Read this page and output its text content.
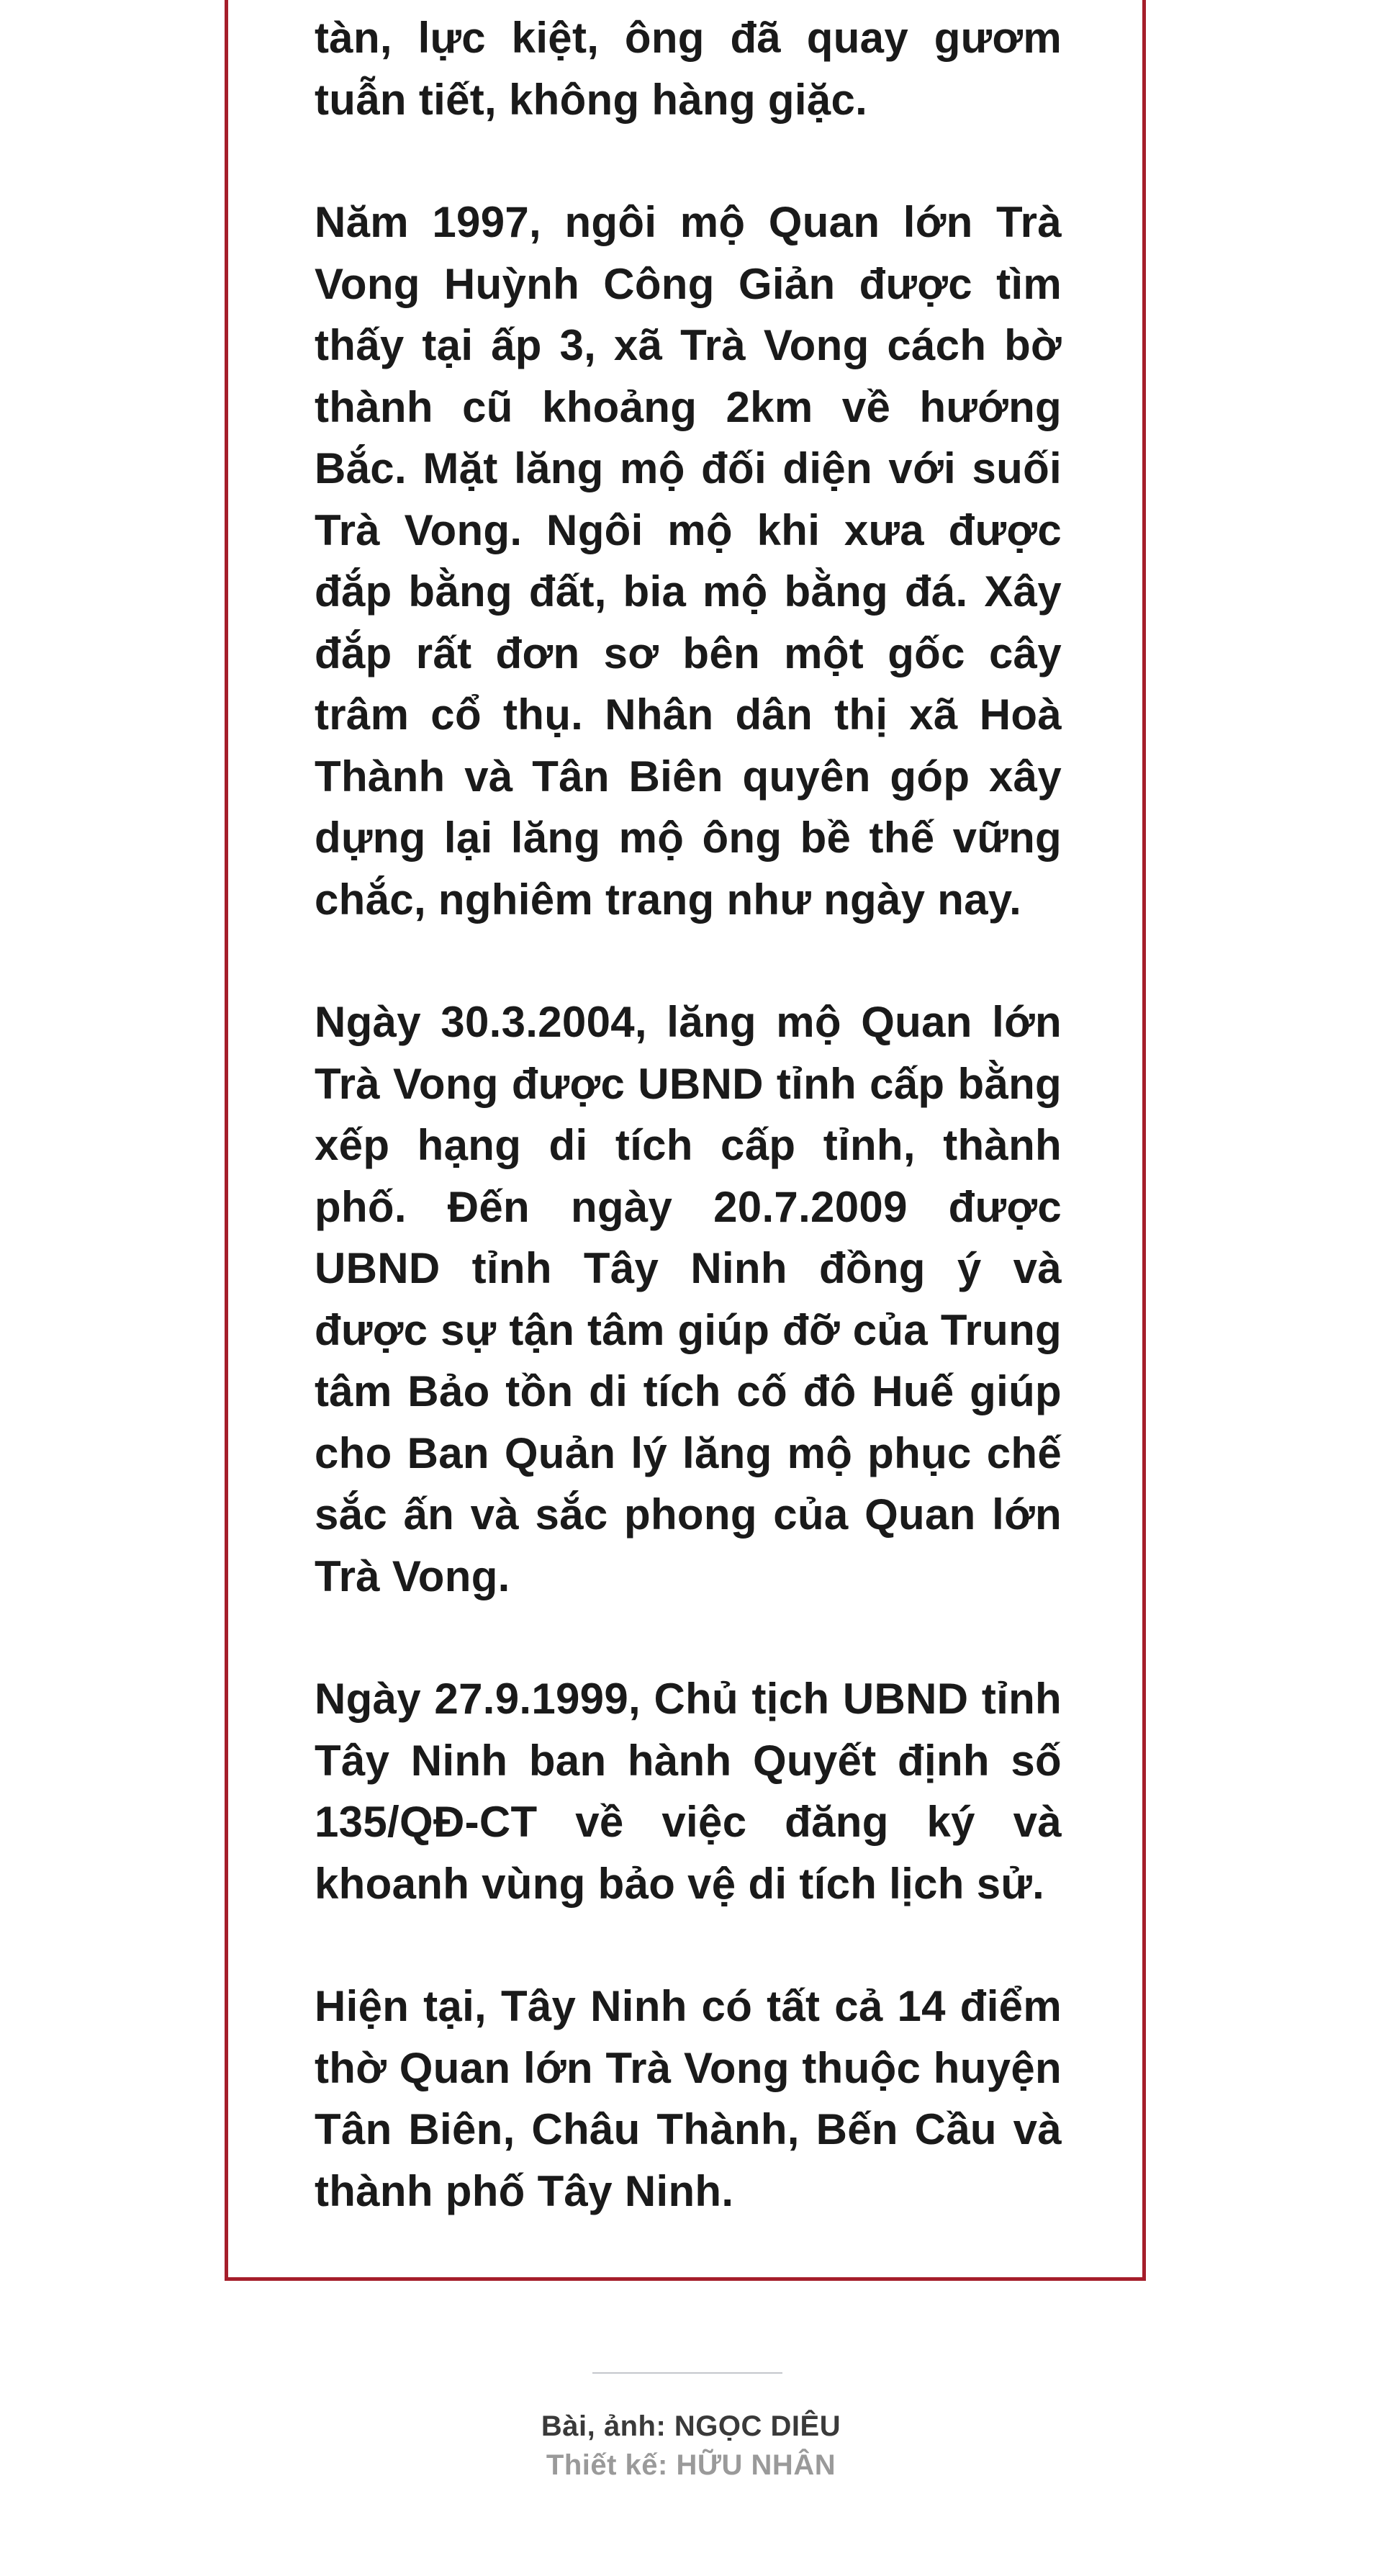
tàn, lực kiệt, ông đã quay gươm tuẫn tiết, không hàng giặc.

Năm 1997, ngôi mộ Quan lớn Trà Vong Huỳnh Công Giản được tìm thấy tại ấp 3, xã Trà Vong cách bờ thành cũ khoảng 2km về hướng Bắc. Mặt lăng mộ đối diện với suối Trà Vong. Ngôi mộ khi xưa được đắp bằng đất, bia mộ bằng đá. Xây đắp rất đơn sơ bên một gốc cây trâm cổ thụ. Nhân dân thị xã Hoà Thành và Tân Biên quyên góp xây dựng lại lăng mộ ông bề thế vững chắc, nghiêm trang như ngày nay.

Ngày 30.3.2004, lăng mộ Quan lớn Trà Vong được UBND tỉnh cấp bằng xếp hạng di tích cấp tỉnh, thành phố. Đến ngày 20.7.2009 được UBND tỉnh Tây Ninh đồng ý và được sự tận tâm giúp đỡ của Trung tâm Bảo tồn di tích cố đô Huế giúp cho Ban Quản lý lăng mộ phục chế sắc ấn và sắc phong của Quan lớn Trà Vong.

Ngày 27.9.1999, Chủ tịch UBND tỉnh Tây Ninh ban hành Quyết định số 135/QĐ-CT về việc đăng ký và khoanh vùng bảo vệ di tích lịch sử.

Hiện tại, Tây Ninh có tất cả 14 điểm thờ Quan lớn Trà Vong thuộc huyện Tân Biên, Châu Thành, Bến Cầu và thành phố Tây Ninh.

Bài, ảnh: NGỌC DIÊU
Thiết kế: HỮU NHÂN
